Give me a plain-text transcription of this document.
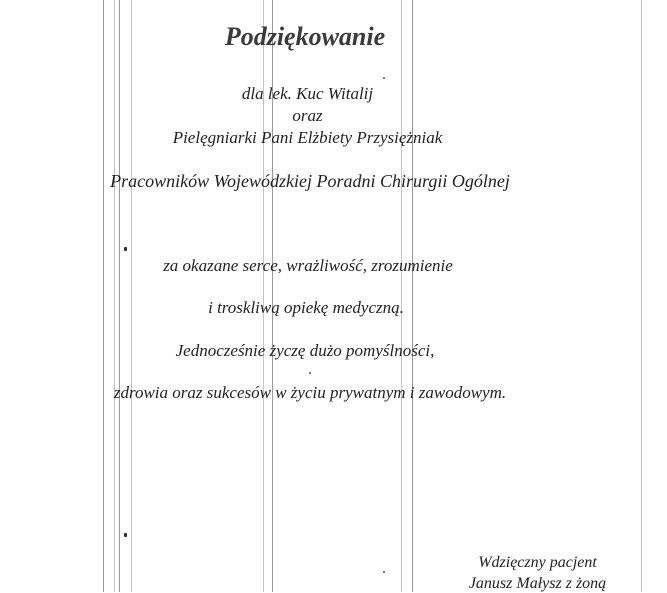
Podziękowanie
dla lek. Kuc Witalij
oraz
Pielęgniarki Pani Elżbiety Przysiężniak
Pracowników Wojewódzkiej Poradni Chirurgii Ogólnej
za okazane serce, wrażliwość, zrozumienie
i troskliwą opiekę medyczną.
Jednocześnie życzę dużo pomyślności,
zdrowia oraz sukcesów w życiu prywatnym i zawodowym.
Wdzięczny pacjent
Janusz Małysz z żoną
